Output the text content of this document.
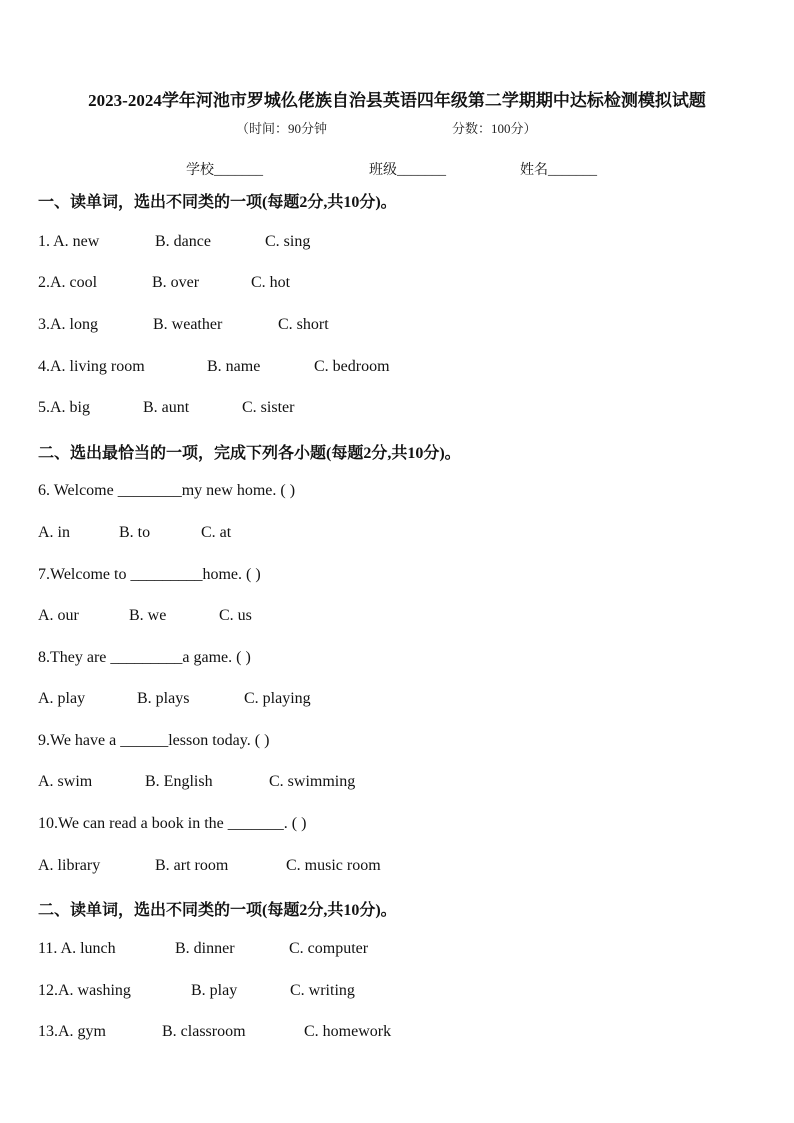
2023-2024学年河池市罗城仫佬族自治县英语四年级第二学期期中达标检测模拟试题
（时间：90分钟	分数：100分）
学校_______	班级_______	姓名_______
一、读单词，选出不同类的一项(每题2分,共10分)。
1. A. new	B. dance	C. sing
2.A. cool	B. over	C. hot
3.A. long	B. weather	C. short
4.A. living room	B. name	C. bedroom
5.A. big	B. aunt	C. sister
二、选出最恰当的一项，完成下列各小题(每题2分,共10分)。
6. Welcome ________my new home. ( )
A. in	B. to	C. at
7.Welcome to _________home. ( )
A. our	B. we	C. us
8.They are _________a game. ( )
A. play	B. plays	C. playing
9.We have a ______lesson today. ( )
A. swim	B. English	C. swimming
10.We can read a book in the _______. ( )
A. library	B. art room	C. music room
二、读单词，选出不同类的一项(每题2分,共10分)。
11. A. lunch	B. dinner	C. computer
12.A. washing	B. play	C. writing
13.A. gym	B. classroom	C. homework
